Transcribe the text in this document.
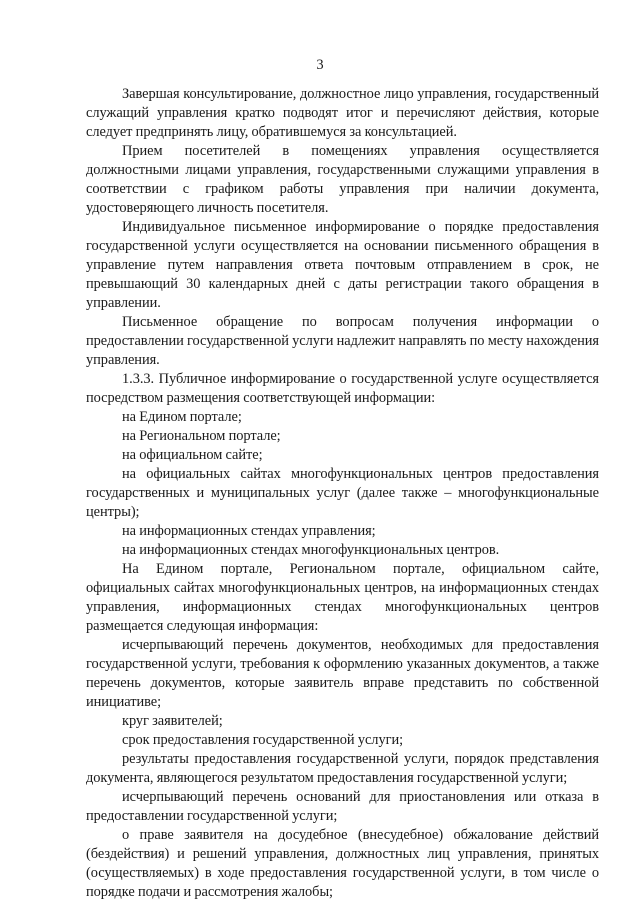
3

Завершая консультирование, должностное лицо управления, государственный служащий управления кратко подводят итог и перечисляют действия, которые следует предпринять лицу, обратившемуся за консультацией.

Прием посетителей в помещениях управления осуществляется должностными лицами управления, государственными служащими управления в соответствии с графиком работы управления при наличии документа, удостоверяющего личность посетителя.

Индивидуальное письменное информирование о порядке предоставления государственной услуги осуществляется на основании письменного обращения в управление путем направления ответа почтовым отправлением в срок, не превышающий 30 календарных дней с даты регистрации такого обращения в управлении.

Письменное обращение по вопросам получения информации о предоставлении государственной услуги надлежит направлять по месту нахождения управления.

1.3.3. Публичное информирование о государственной услуге осуществляется посредством размещения соответствующей информации:

на Едином портале;

на Региональном портале;

на официальном сайте;

на официальных сайтах многофункциональных центров предоставления государственных и муниципальных услуг (далее также – многофункциональные центры);

на информационных стендах управления;

на информационных стендах многофункциональных центров.

На Едином портале, Региональном портале, официальном сайте, официальных сайтах многофункциональных центров, на информационных стендах управления, информационных стендах многофункциональных центров размещается следующая информация:

исчерпывающий перечень документов, необходимых для предоставления государственной услуги, требования к оформлению указанных документов, а также перечень документов, которые заявитель вправе представить по собственной инициативе;

круг заявителей;

срок предоставления государственной услуги;

результаты предоставления государственной услуги, порядок представления документа, являющегося результатом предоставления государственной услуги;

исчерпывающий перечень оснований для приостановления или отказа в предоставлении государственной услуги;

о праве заявителя на досудебное (внесудебное) обжалование действий (бездействия) и решений управления, должностных лиц управления, принятых (осуществляемых) в ходе предоставления государственной услуги, в том числе о порядке подачи и рассмотрения жалобы;
